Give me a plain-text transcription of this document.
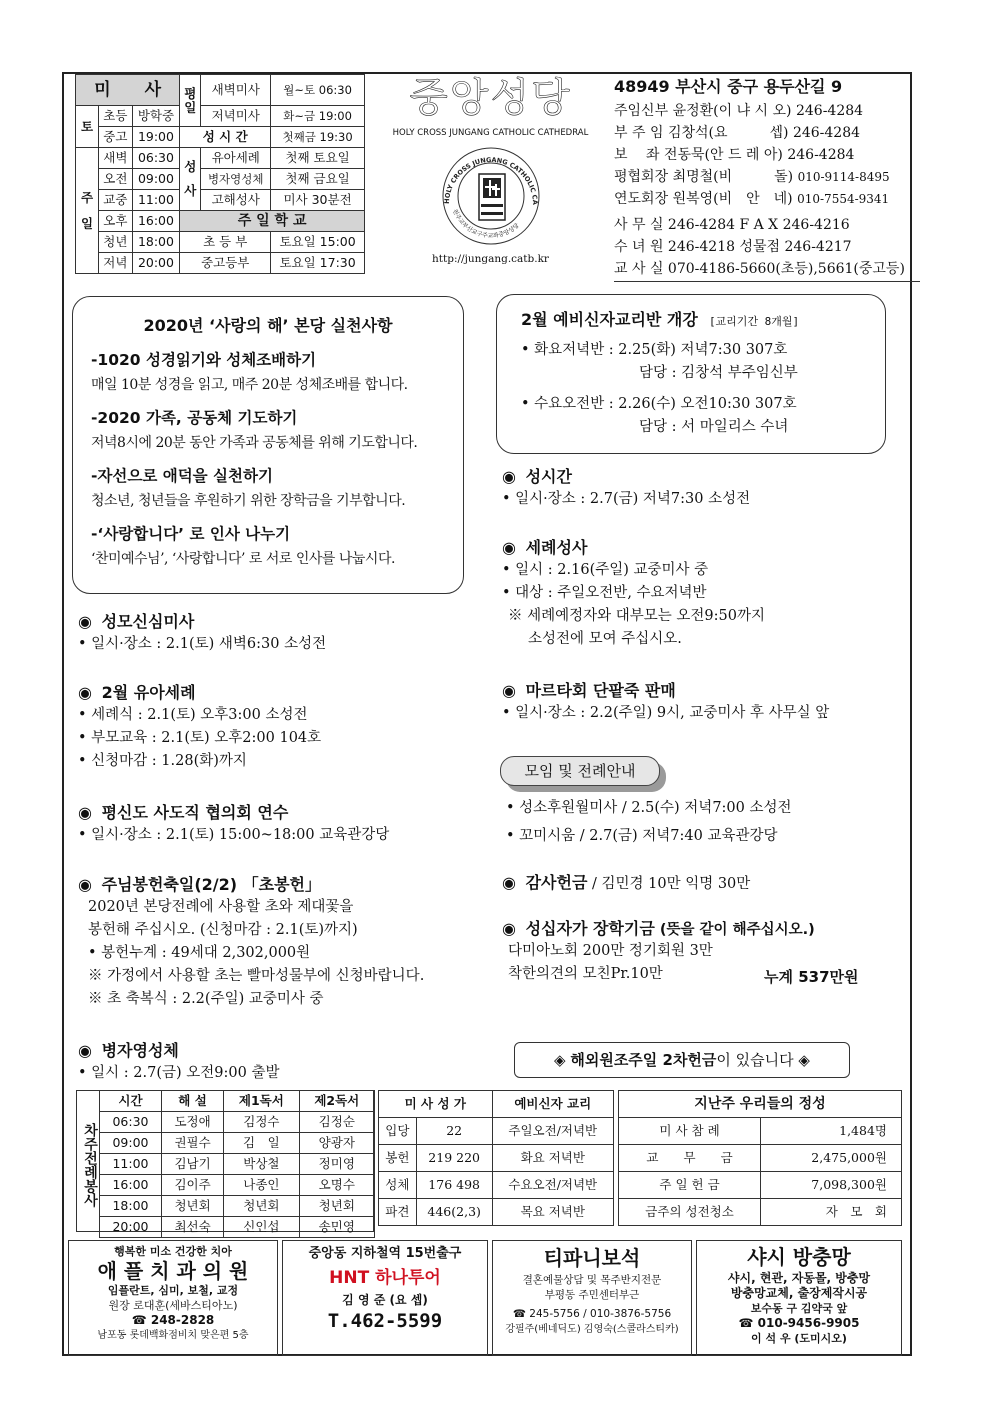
미　　사			평일	새벽미사	월~토 06:30
토	초등	방학중		저녁미사	화~금 19:00
	중고	19:00	성 시 간		첫째금 19:30
주일	새벽	06:30	성사	유아세례	첫째 토요일
	오전	09:00		병자영성체	첫째 금요일
	교중	11:00		고해성사	미사 30분전
	오후	16:00	주 일 학 교		
	청년	18:00	초 등 부		토요일 15:00
	저녁	20:00	중고등부		토요일 17:30
중앙성당
HOLY CROSS JUNGANG CATHOLIC CATHEDRAL
HOLY CROSS JUNGANG CATHOLIC CA
천주교부산교구주교좌중앙성당
http://jungang.catb.kr
48949 부산시 중구 용두산길 9
주임신부 윤정환(이 냐 시 오) 246-4284
부 주 임 김창석(요　　　셉) 246-4284
보　 좌 전동묵(안 드 레 아) 246-4284
평협회장 최명철(비　　　돌) 010-9114-8495
연도회장 원복영(비　안　네) 010-7554-9341
사 무 실 246-4284 F A X 246-4216
수 녀 원 246-4218 성물점 246-4217
교 사 실 070-4186-5660(초등),5661(중고등)
2020년 ‘사랑의 해’ 본당 실천사항
-1020 성경읽기와 성체조배하기
매일 10분 성경을 읽고, 매주 20분 성체조배를 합니다.
-2020 가족, 공동체 기도하기
저녁8시에 20분 동안 가족과 공동체를 위해 기도합니다.
-자선으로 애덕을 실천하기
청소년, 청년들을 후원하기 위한 장학금을 기부합니다.
-‘사랑합니다’ 로 인사 나누기
‘찬미예수님’, ‘사랑합니다’ 로 서로 인사를 나눕시다.
2월 예비신자교리반 개강 [교리기간 8개월]
• 화요저녁반 : 2.25(화) 저녁7:30 307호
담당 : 김창석 부주임신부
• 수요오전반 : 2.26(수) 오전10:30 307호
담당 : 서 마일리스 수녀
◉ 성모신심미사
• 일시·장소 : 2.1(토) 새벽6:30 소성전
◉ 2월 유아세례
• 세례식 : 2.1(토) 오후3:00 소성전
• 부모교육 : 2.1(토) 오후2:00 104호
• 신청마감 : 1.28(화)까지
◉ 평신도 사도직 협의회 연수
• 일시·장소 : 2.1(토) 15:00~18:00 교육관강당
◉ 주님봉헌축일(2/2) 「초봉헌」
2020년 본당전례에 사용할 초와 제대꽃을
봉헌해 주십시오. (신청마감 : 2.1(토)까지)
• 봉헌누계 : 49세대 2,302,000원
※ 가정에서 사용할 초는 빨마성물부에 신청바랍니다.
※ 초 축복식 : 2.2(주일) 교중미사 중
◉ 병자영성체
• 일시 : 2.7(금) 오전9:00 출발
◉ 성시간
• 일시·장소 : 2.7(금) 저녁7:30 소성전
◉ 세례성사
• 일시 : 2.16(주일) 교중미사 중
• 대상 : 주일오전반, 수요저녁반
※ 세례예정자와 대부모는 오전9:50까지
소성전에 모여 주십시오.
◉ 마르타회 단팥죽 판매
• 일시·장소 : 2.2(주일) 9시, 교중미사 후 사무실 앞
모임 및 전례안내
• 성소후원월미사 / 2.5(수) 저녁7:00 소성전
• 꼬미시움 / 2.7(금) 저녁7:40 교육관강당
◉ 감사헌금 / 김민경 10만 익명 30만
◉ 성십자가 장학기금 (뜻을 같이 해주십시오.)
다미아노회 200만 정기회원 3만
착한의견의 모친Pr.10만	누계 537만원
◈ 해외원조주일 2차헌금이 있습니다 ◈
차주전례봉사
시간	해 설	제1독서	제2독서
06:30	도정애	김정수	김정순
09:00	권필수	김　일	양광자
11:00	김남기	박상철	정미영
16:00	김이주	나종인	오명수
18:00	청년회	청년회	청년회
20:00	최선숙	신인섭	송민영
미 사 성 가		예비신자 교리
입당	22	주일오전/저녁반
봉헌	219 220	화요 저녁반
성체	176 498	수요오전/저녁반
파견	446(2,3)	목요 저녁반
지난주 우리들의 정성	
미 사 참 례	1,484명
교　　무　　금	2,475,000원
주 일 헌 금	7,098,300원
금주의 성전청소	자　모　회
행복한 미소 건강한 치아
애 플 치 과 의 원
임플란트, 심미, 보철, 교정
원장 로대훈(세바스티아노)
☎ 248-2828
남포동 롯데백화점비치 맞은편 5층
중앙동 지하철역 15번출구
HNT 하나투어
김 영 준 (요 셉)
T.462-5599
티파니보석
결혼예물상담 및 목주반지전문
부평동 주민센터부근
☎ 245-5756 / 010-3876-5756
강필주(베네딕도) 김영숙(스콜라스티카)
샤시 방충망
샤시, 현관, 자동몰, 방충망
방충망교체, 출장제작시공
보수동 구 김약국 앞
☎ 010-9456-9905
이 석 우 (도미시오)
